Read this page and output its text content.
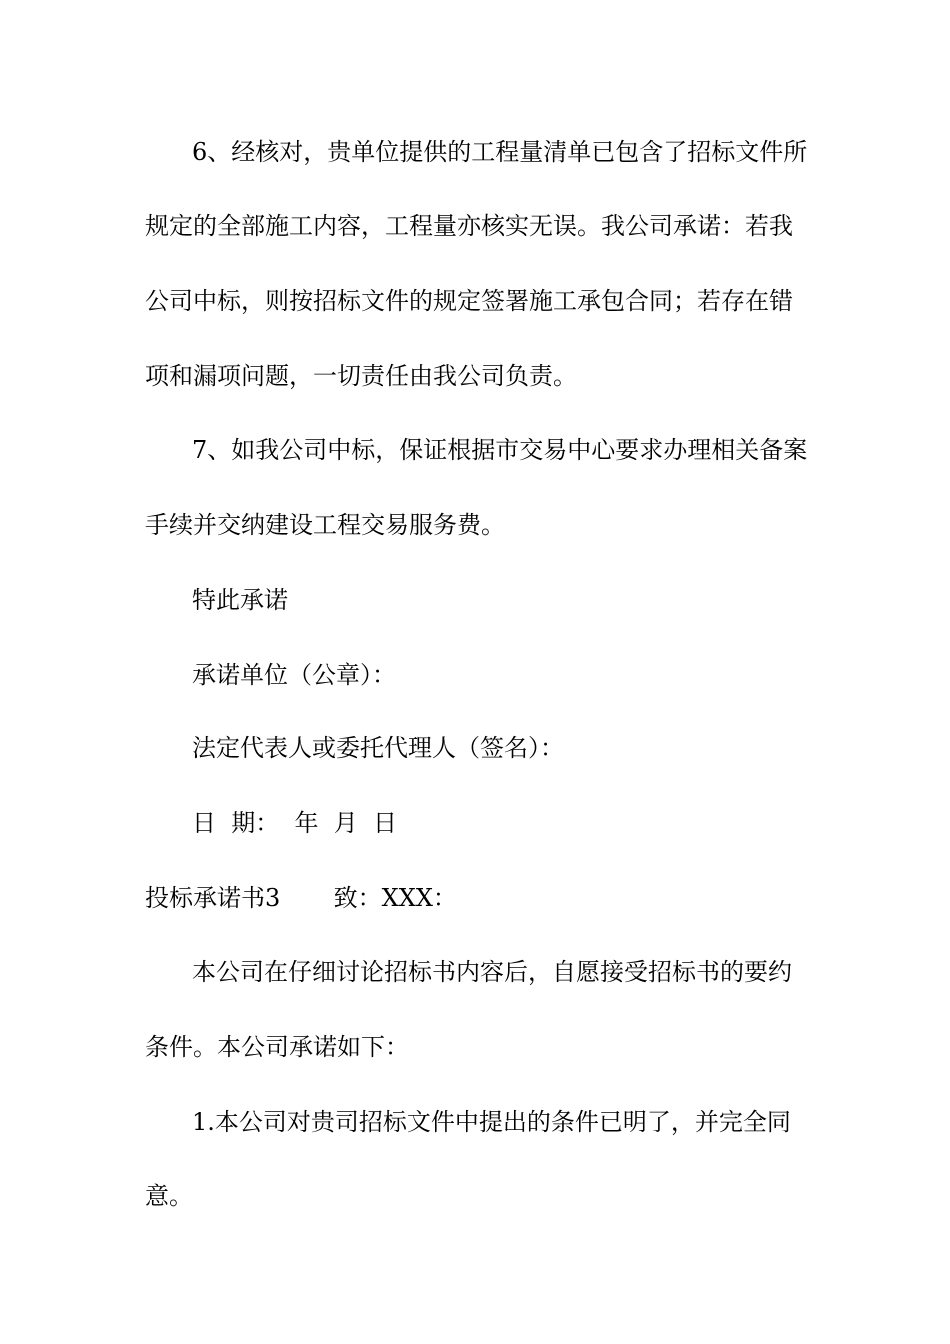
6、经核对，贵单位提供的工程量清单已包含了招标文件所
规定的全部施工内容，工程量亦核实无误。我公司承诺：若我
公司中标，则按招标文件的规定签署施工承包合同；若存在错
项和漏项问题，一切责任由我公司负责。
7、如我公司中标，保证根据市交易中心要求办理相关备案
手续并交纳建设工程交易服务费。
特此承诺
承诺单位（公章）：
法定代表人或委托代理人（签名）：
日  期：  年  月  日
投标承诺书3       致：XXX：
本公司在仔细讨论招标书内容后，自愿接受招标书的要约
条件。本公司承诺如下：
1.本公司对贵司招标文件中提出的条件已明了，并完全同
意。
